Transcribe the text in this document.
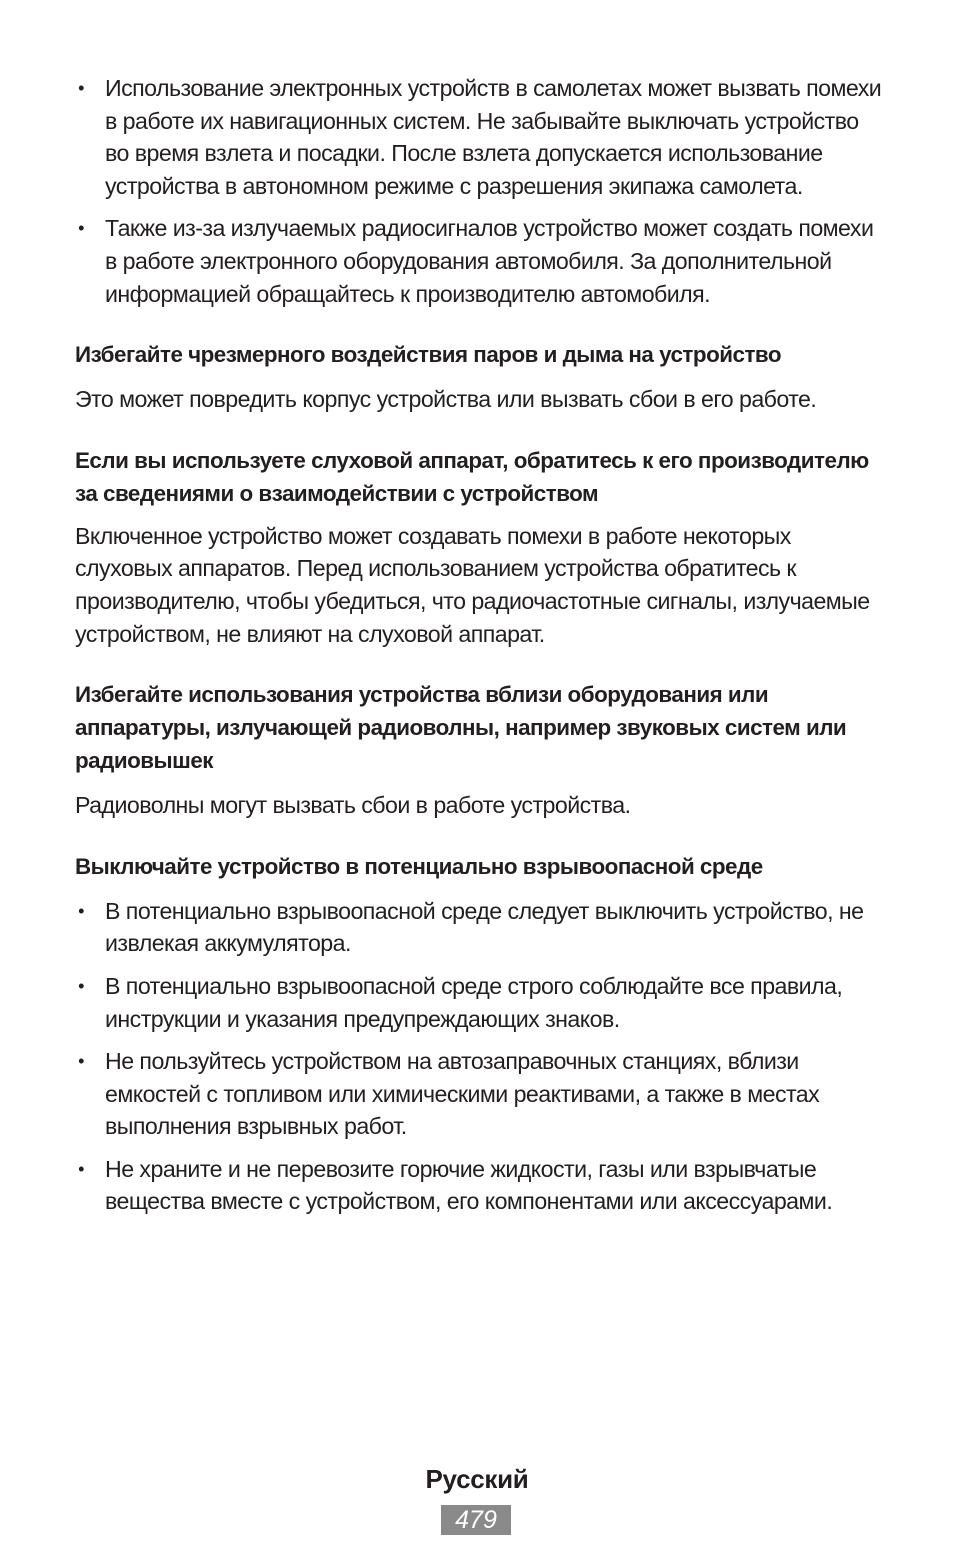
• Использование электронных устройств в самолетах может вызвать помехи в работе их навигационных систем. Не забывайте выключать устройство во время взлета и посадки. После взлета допускается использование устройства в автономном режиме с разрешения экипажа самолета.
• Также из-за излучаемых радиосигналов устройство может создать помехи в работе электронного оборудования автомобиля. За дополнительной информацией обращайтесь к производителю автомобиля.
Избегайте чрезмерного воздействия паров и дыма на устройство

Это может повредить корпус устройства или вызвать сбои в его работе.

Если вы используете слуховой аппарат, обратитесь к его производителю за сведениями о взаимодействии с устройством

Включенное устройство может создавать помехи в работе некоторых слуховых аппаратов. Перед использованием устройства обратитесь к производителю, чтобы убедиться, что радиочастотные сигналы, излучаемые устройством, не влияют на слуховой аппарат.

Избегайте использования устройства вблизи оборудования или аппаратуры, излучающей радиоволны, например звуковых систем или радиовышек

Радиоволны могут вызвать сбои в работе устройства.

Выключайте устройство в потенциально взрывоопасной среде
• В потенциально взрывоопасной среде следует выключить устройство, не извлекая аккумулятора.
• В потенциально взрывоопасной среде строго соблюдайте все правила, инструкции и указания предупреждающих знаков.
• Не пользуйтесь устройством на автозаправочных станциях, вблизи емкостей с топливом или химическими реактивами, а также в местах выполнения взрывных работ.
• Не храните и не перевозите горючие жидкости, газы или взрывчатые вещества вместе с устройством, его компонентами или аксессуарами.
Русский
479
